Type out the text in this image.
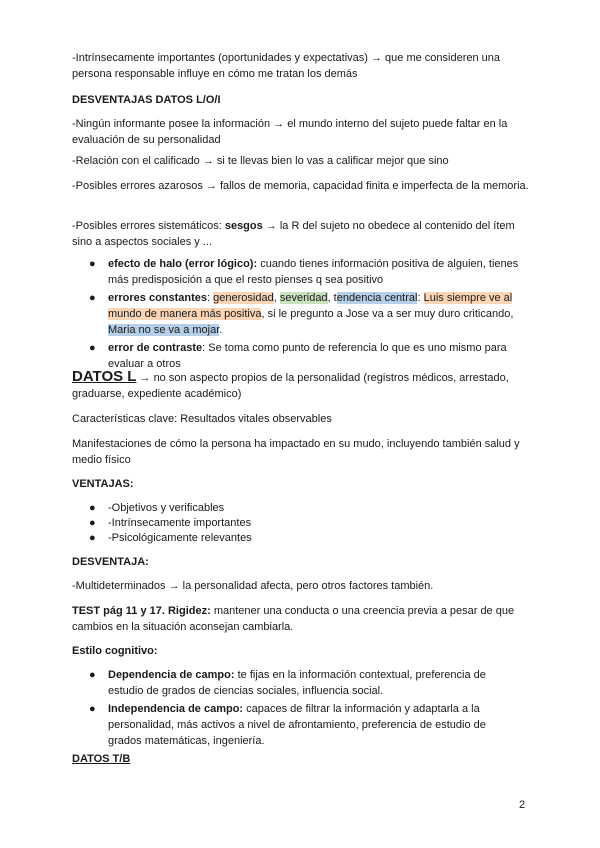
-Intrínsecamente importantes (oportunidades y expectativas) → que me consideren una persona responsable influye en cómo me tratan los demás

DESVENTAJAS DATOS L/O/I

-Ningún informante posee la información → el mundo interno del sujeto puede faltar en la evaluación de su personalidad

-Relación con el calificado → si te llevas bien lo vas a calificar mejor que sino

-Posibles errores azarosos → fallos de memoria, capacidad finita e imperfecta de la memoria.

-Posibles errores sistemáticos: sesgos → la R del sujeto no obedece al contenido del ítem sino a aspectos sociales y ...

● efecto de halo (error lógico): cuando tienes información positiva de alguien, tienes más predisposición a que el resto pienses q sea positivo
● errores constantes: generosidad, severidad, tendencia central: Luis siempre ve al mundo de manera más positiva, si le pregunto a Jose va a ser muy duro criticando, Maria no se va a mojar.
● error de contraste: Se toma como punto de referencia lo que es uno mismo para evaluar a otros

DATOS L → no son aspecto propios de la personalidad (registros médicos, arrestado, graduarse, expediente académico)

Características clave: Resultados vitales observables

Manifestaciones de cómo la persona ha impactado en su mudo, incluyendo también salud y medio físico

VENTAJAS:

● -Objetivos y verificables
● -Intrínsecamente importantes
● -Psicológicamente relevantes

DESVENTAJA:

-Multideterminados → la personalidad afecta, pero otros factores también.

TEST pág 11 y 17. Rigidez: mantener una conducta o una creencia previa a pesar de que cambios en la situación aconsejan cambiarla.

Estilo cognitivo:

● Dependencia de campo: te fijas en la información contextual, preferencia de estudio de grados de ciencias sociales, influencia social.
● Independencia de campo: capaces de filtrar la información y adaptarla a la personalidad, más activos a nivel de afrontamiento, preferencia de estudio de grados matemáticas, ingeniería.

DATOS T/B

2
